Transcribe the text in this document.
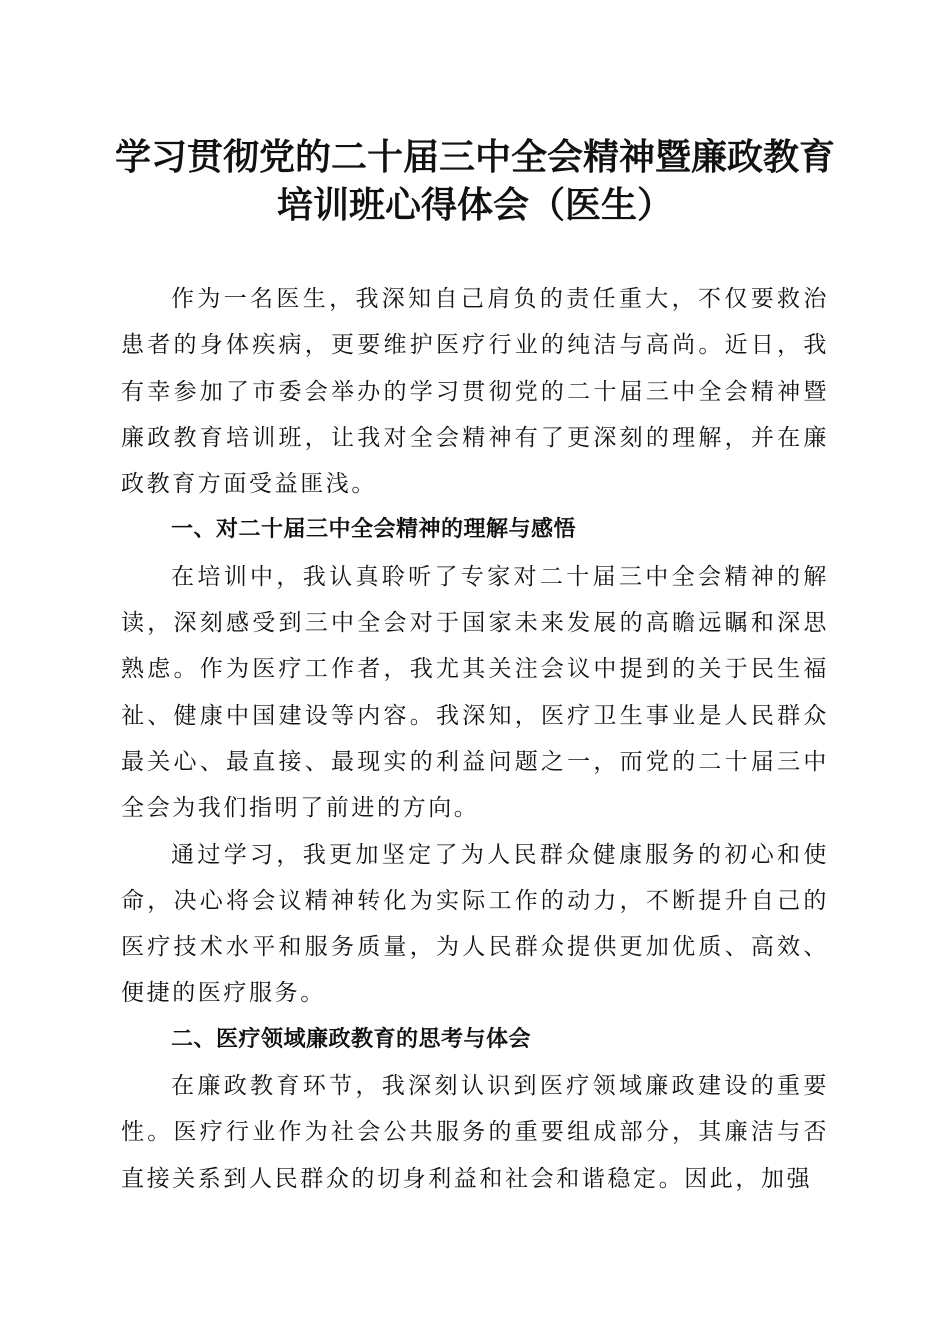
学习贯彻党的二十届三中全会精神暨廉政教育
培训班心得体会（医生）

作为一名医生，我深知自己肩负的责任重大，不仅要救治患者的身体疾病，更要维护医疗行业的纯洁与高尚。近日，我有幸参加了市委会举办的学习贯彻党的二十届三中全会精神暨廉政教育培训班，让我对全会精神有了更深刻的理解，并在廉政教育方面受益匪浅。

一、对二十届三中全会精神的理解与感悟

在培训中，我认真聆听了专家对二十届三中全会精神的解读，深刻感受到三中全会对于国家未来发展的高瞻远瞩和深思熟虑。作为医疗工作者，我尤其关注会议中提到的关于民生福祉、健康中国建设等内容。我深知，医疗卫生事业是人民群众最关心、最直接、最现实的利益问题之一，而党的二十届三中全会为我们指明了前进的方向。

通过学习，我更加坚定了为人民群众健康服务的初心和使命，决心将会议精神转化为实际工作的动力，不断提升自己的医疗技术水平和服务质量，为人民群众提供更加优质、高效、便捷的医疗服务。

二、医疗领域廉政教育的思考与体会

在廉政教育环节，我深刻认识到医疗领域廉政建设的重要性。医疗行业作为社会公共服务的重要组成部分，其廉洁与否直接关系到人民群众的切身利益和社会和谐稳定。因此，加强
